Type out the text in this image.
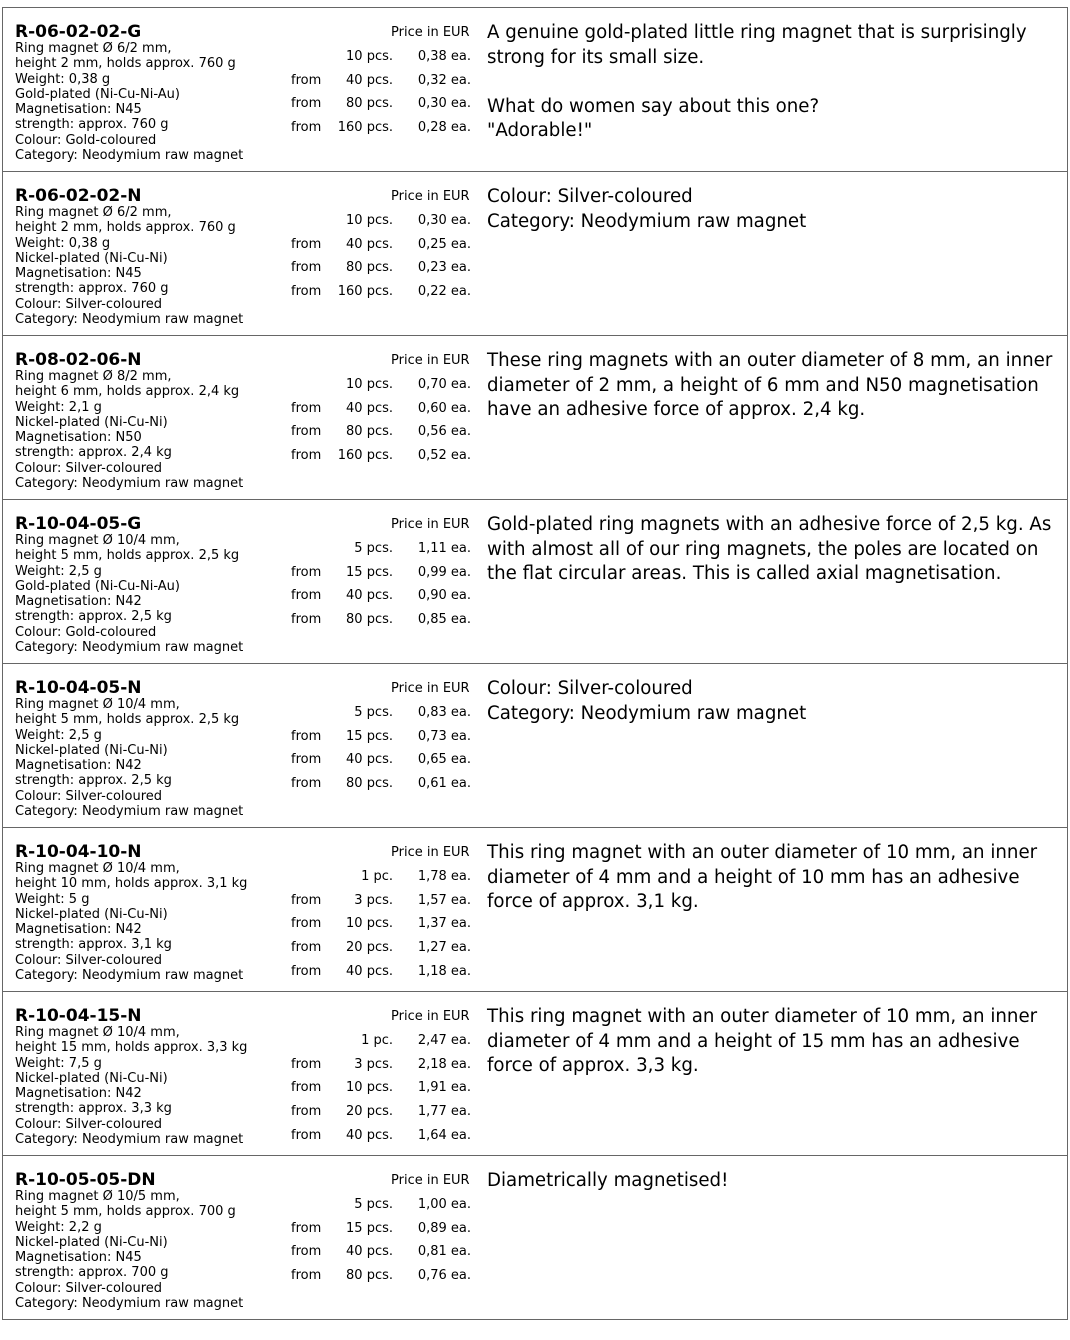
R-06-02-02-G
Ring magnet Ø 6/2 mm,
height 2 mm, holds approx. 760 g
Weight: 0,38 g
Gold-plated (Ni-Cu-Ni-Au)
Magnetisation: N45
strength: approx. 760 g
Colour: Gold-coloured
Category: Neodymium raw magnet
Price in EUR
10 pcs. 0,38 ea.
from 40 pcs. 0,32 ea.
from 80 pcs. 0,30 ea.
from 160 pcs. 0,28 ea.

A genuine gold-plated little ring magnet that is surprisingly strong for its small size.

What do women say about this one?

"Adorable!"

R-06-02-02-N
Ring magnet Ø 6/2 mm,
height 2 mm, holds approx. 760 g
Weight: 0,38 g
Nickel-plated (Ni-Cu-Ni)
Magnetisation: N45
strength: approx. 760 g
Colour: Silver-coloured
Category: Neodymium raw magnet
Price in EUR
10 pcs. 0,30 ea.
from 40 pcs. 0,25 ea.
from 80 pcs. 0,23 ea.
from 160 pcs. 0,22 ea.

Colour: Silver-coloured

Category: Neodymium raw magnet

R-08-02-06-N
Ring magnet Ø 8/2 mm,
height 6 mm, holds approx. 2,4 kg
Weight: 2,1 g
Nickel-plated (Ni-Cu-Ni)
Magnetisation: N50
strength: approx. 2,4 kg
Colour: Silver-coloured
Category: Neodymium raw magnet
Price in EUR
10 pcs. 0,70 ea.
from 40 pcs. 0,60 ea.
from 80 pcs. 0,56 ea.
from 160 pcs. 0,52 ea.

These ring magnets with an outer diameter of 8 mm, an inner diameter of 2 mm, a height of 6 mm and N50 magnetisation have an adhesive force of approx. 2,4 kg.

R-10-04-05-G
Ring magnet Ø 10/4 mm,
height 5 mm, holds approx. 2,5 kg
Weight: 2,5 g
Gold-plated (Ni-Cu-Ni-Au)
Magnetisation: N42
strength: approx. 2,5 kg
Colour: Gold-coloured
Category: Neodymium raw magnet
Price in EUR
5 pcs. 1,11 ea.
from 15 pcs. 0,99 ea.
from 40 pcs. 0,90 ea.
from 80 pcs. 0,85 ea.

Gold-plated ring magnets with an adhesive force of 2,5 kg. As with almost all of our ring magnets, the poles are located on the flat circular areas. This is called axial magnetisation.

R-10-04-05-N
Ring magnet Ø 10/4 mm,
height 5 mm, holds approx. 2,5 kg
Weight: 2,5 g
Nickel-plated (Ni-Cu-Ni)
Magnetisation: N42
strength: approx. 2,5 kg
Colour: Silver-coloured
Category: Neodymium raw magnet
Price in EUR
5 pcs. 0,83 ea.
from 15 pcs. 0,73 ea.
from 40 pcs. 0,65 ea.
from 80 pcs. 0,61 ea.

Colour: Silver-coloured

Category: Neodymium raw magnet

R-10-04-10-N
Ring magnet Ø 10/4 mm,
height 10 mm, holds approx. 3,1 kg
Weight: 5 g
Nickel-plated (Ni-Cu-Ni)
Magnetisation: N42
strength: approx. 3,1 kg
Colour: Silver-coloured
Category: Neodymium raw magnet
Price in EUR
1 pc. 1,78 ea.
from	3 pcs. 1,57 ea.
from 10 pcs. 1,37 ea.
from 20 pcs. 1,27 ea.
from 40 pcs. 1,18 ea.

This ring magnet with an outer diameter of 10 mm, an inner diameter of 4 mm and a height of 10 mm has an adhesive force of approx. 3,1 kg.

R-10-04-15-N
Ring magnet Ø 10/4 mm,
height 15 mm, holds approx. 3,3 kg
Weight: 7,5 g
Nickel-plated (Ni-Cu-Ni)
Magnetisation: N42
strength: approx. 3,3 kg
Colour: Silver-coloured
Category: Neodymium raw magnet
Price in EUR
1 pc. 2,47 ea.
from	3 pcs. 2,18 ea.
from 10 pcs. 1,91 ea.
from 20 pcs. 1,77 ea.
from 40 pcs. 1,64 ea.

This ring magnet with an outer diameter of 10 mm, an inner diameter of 4 mm and a height of 15 mm has an adhesive force of approx. 3,3 kg.

R-10-05-05-DN
Ring magnet Ø 10/5 mm,
height 5 mm, holds approx. 700 g
Weight: 2,2 g
Nickel-plated (Ni-Cu-Ni)
Magnetisation: N45
strength: approx. 700 g
Colour: Silver-coloured
Category: Neodymium raw magnet
Price in EUR
5 pcs. 1,00 ea.
from 15 pcs. 0,89 ea.
from 40 pcs. 0,81 ea.
from 80 pcs. 0,76 ea.

Diametrically magnetised!
